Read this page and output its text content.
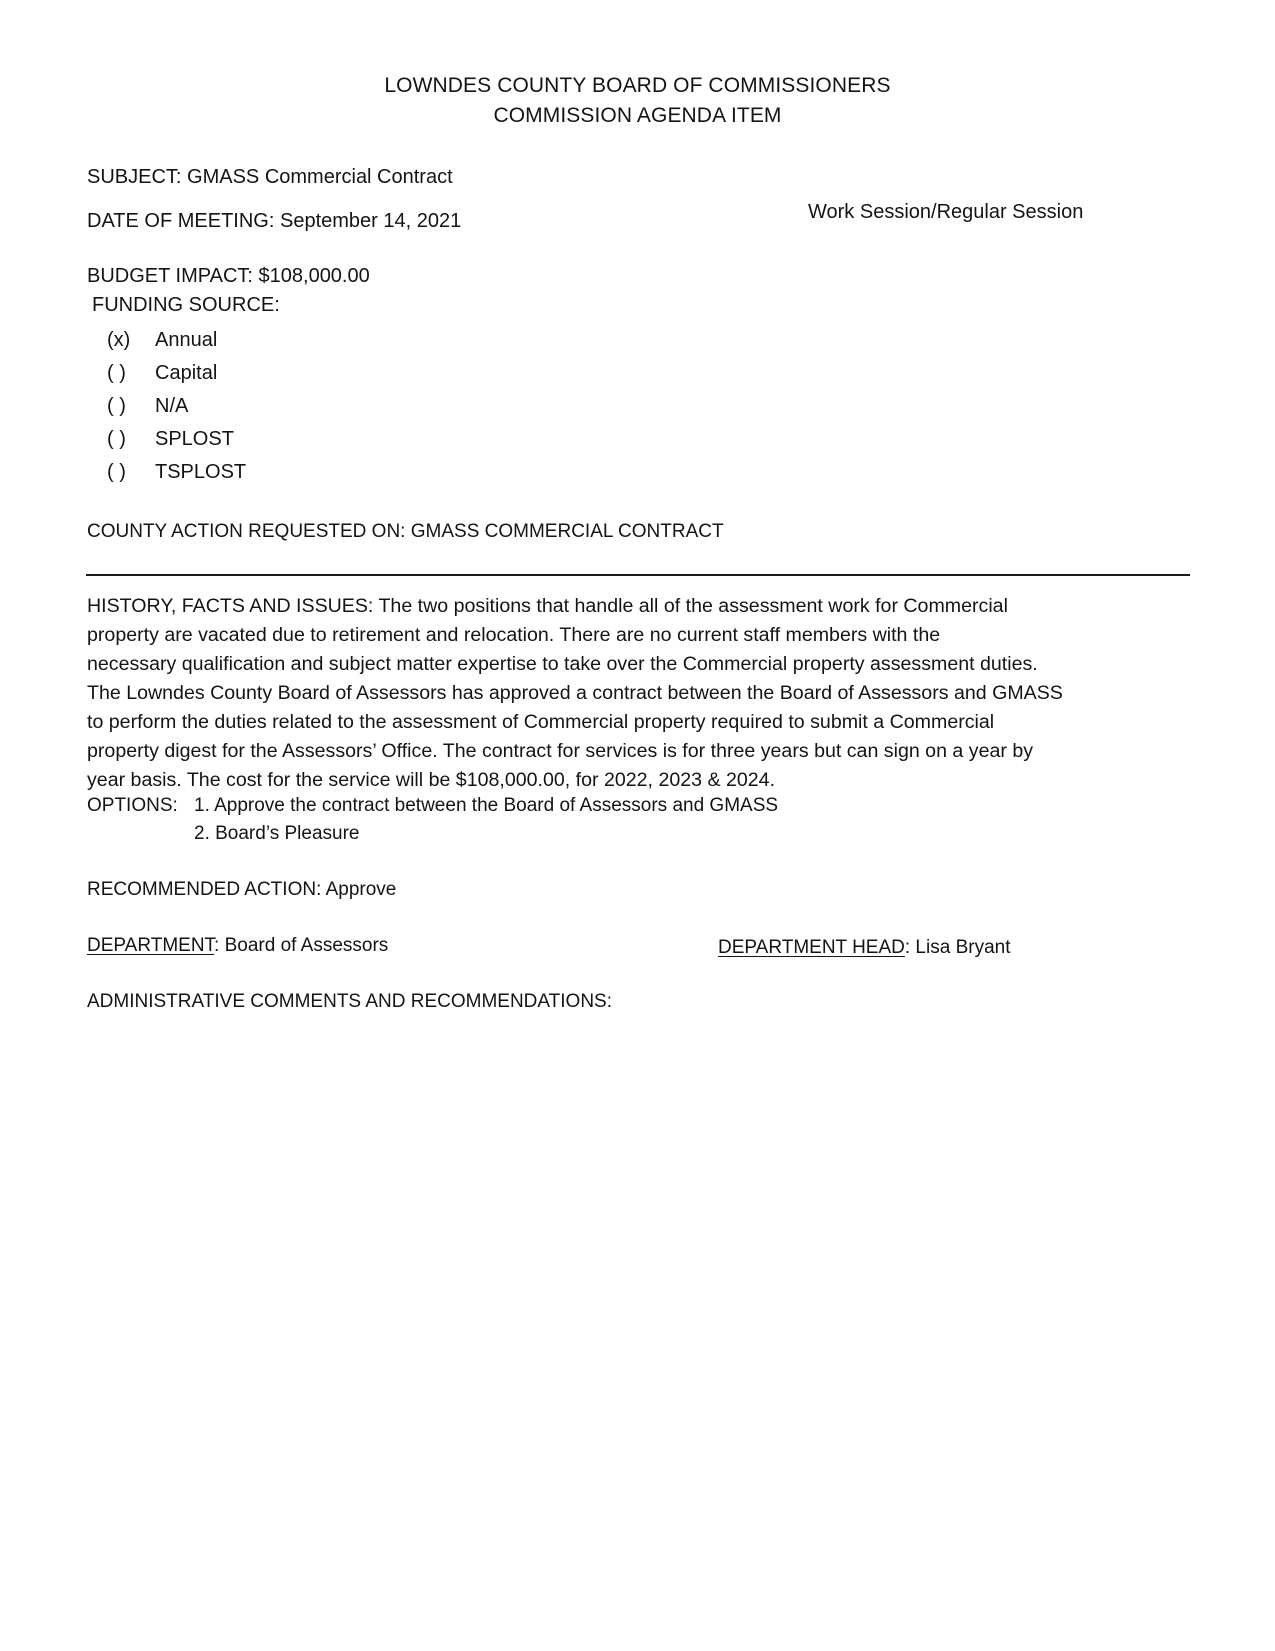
LOWNDES COUNTY BOARD OF COMMISSIONERS
COMMISSION AGENDA ITEM
SUBJECT: GMASS Commercial Contract
DATE OF MEETING: September 14, 2021	Work Session/Regular Session
BUDGET IMPACT: $108,000.00
FUNDING SOURCE:
(x) Annual
( ) Capital
( ) N/A
( ) SPLOST
( ) TSPLOST
COUNTY ACTION REQUESTED ON: GMASS COMMERCIAL CONTRACT
HISTORY, FACTS AND ISSUES: The two positions that handle all of the assessment work for Commercial
property are vacated due to retirement and relocation. There are no current staff members with the
necessary qualification and subject matter expertise to take over the Commercial property assessment duties.
The Lowndes County Board of Assessors has approved a contract between the Board of Assessors and GMASS
to perform the duties related to the assessment of Commercial property required to submit a Commercial
property digest for the Assessors’ Office. The contract for services is for three years but can sign on a year by
year basis. The cost for the service will be $108,000.00, for 2022, 2023 & 2024.
OPTIONS: 1. Approve the contract between the Board of Assessors and GMASS
2. Board’s Pleasure
RECOMMENDED ACTION: Approve
DEPARTMENT: Board of Assessors	DEPARTMENT HEAD: Lisa Bryant
ADMINISTRATIVE COMMENTS AND RECOMMENDATIONS:
